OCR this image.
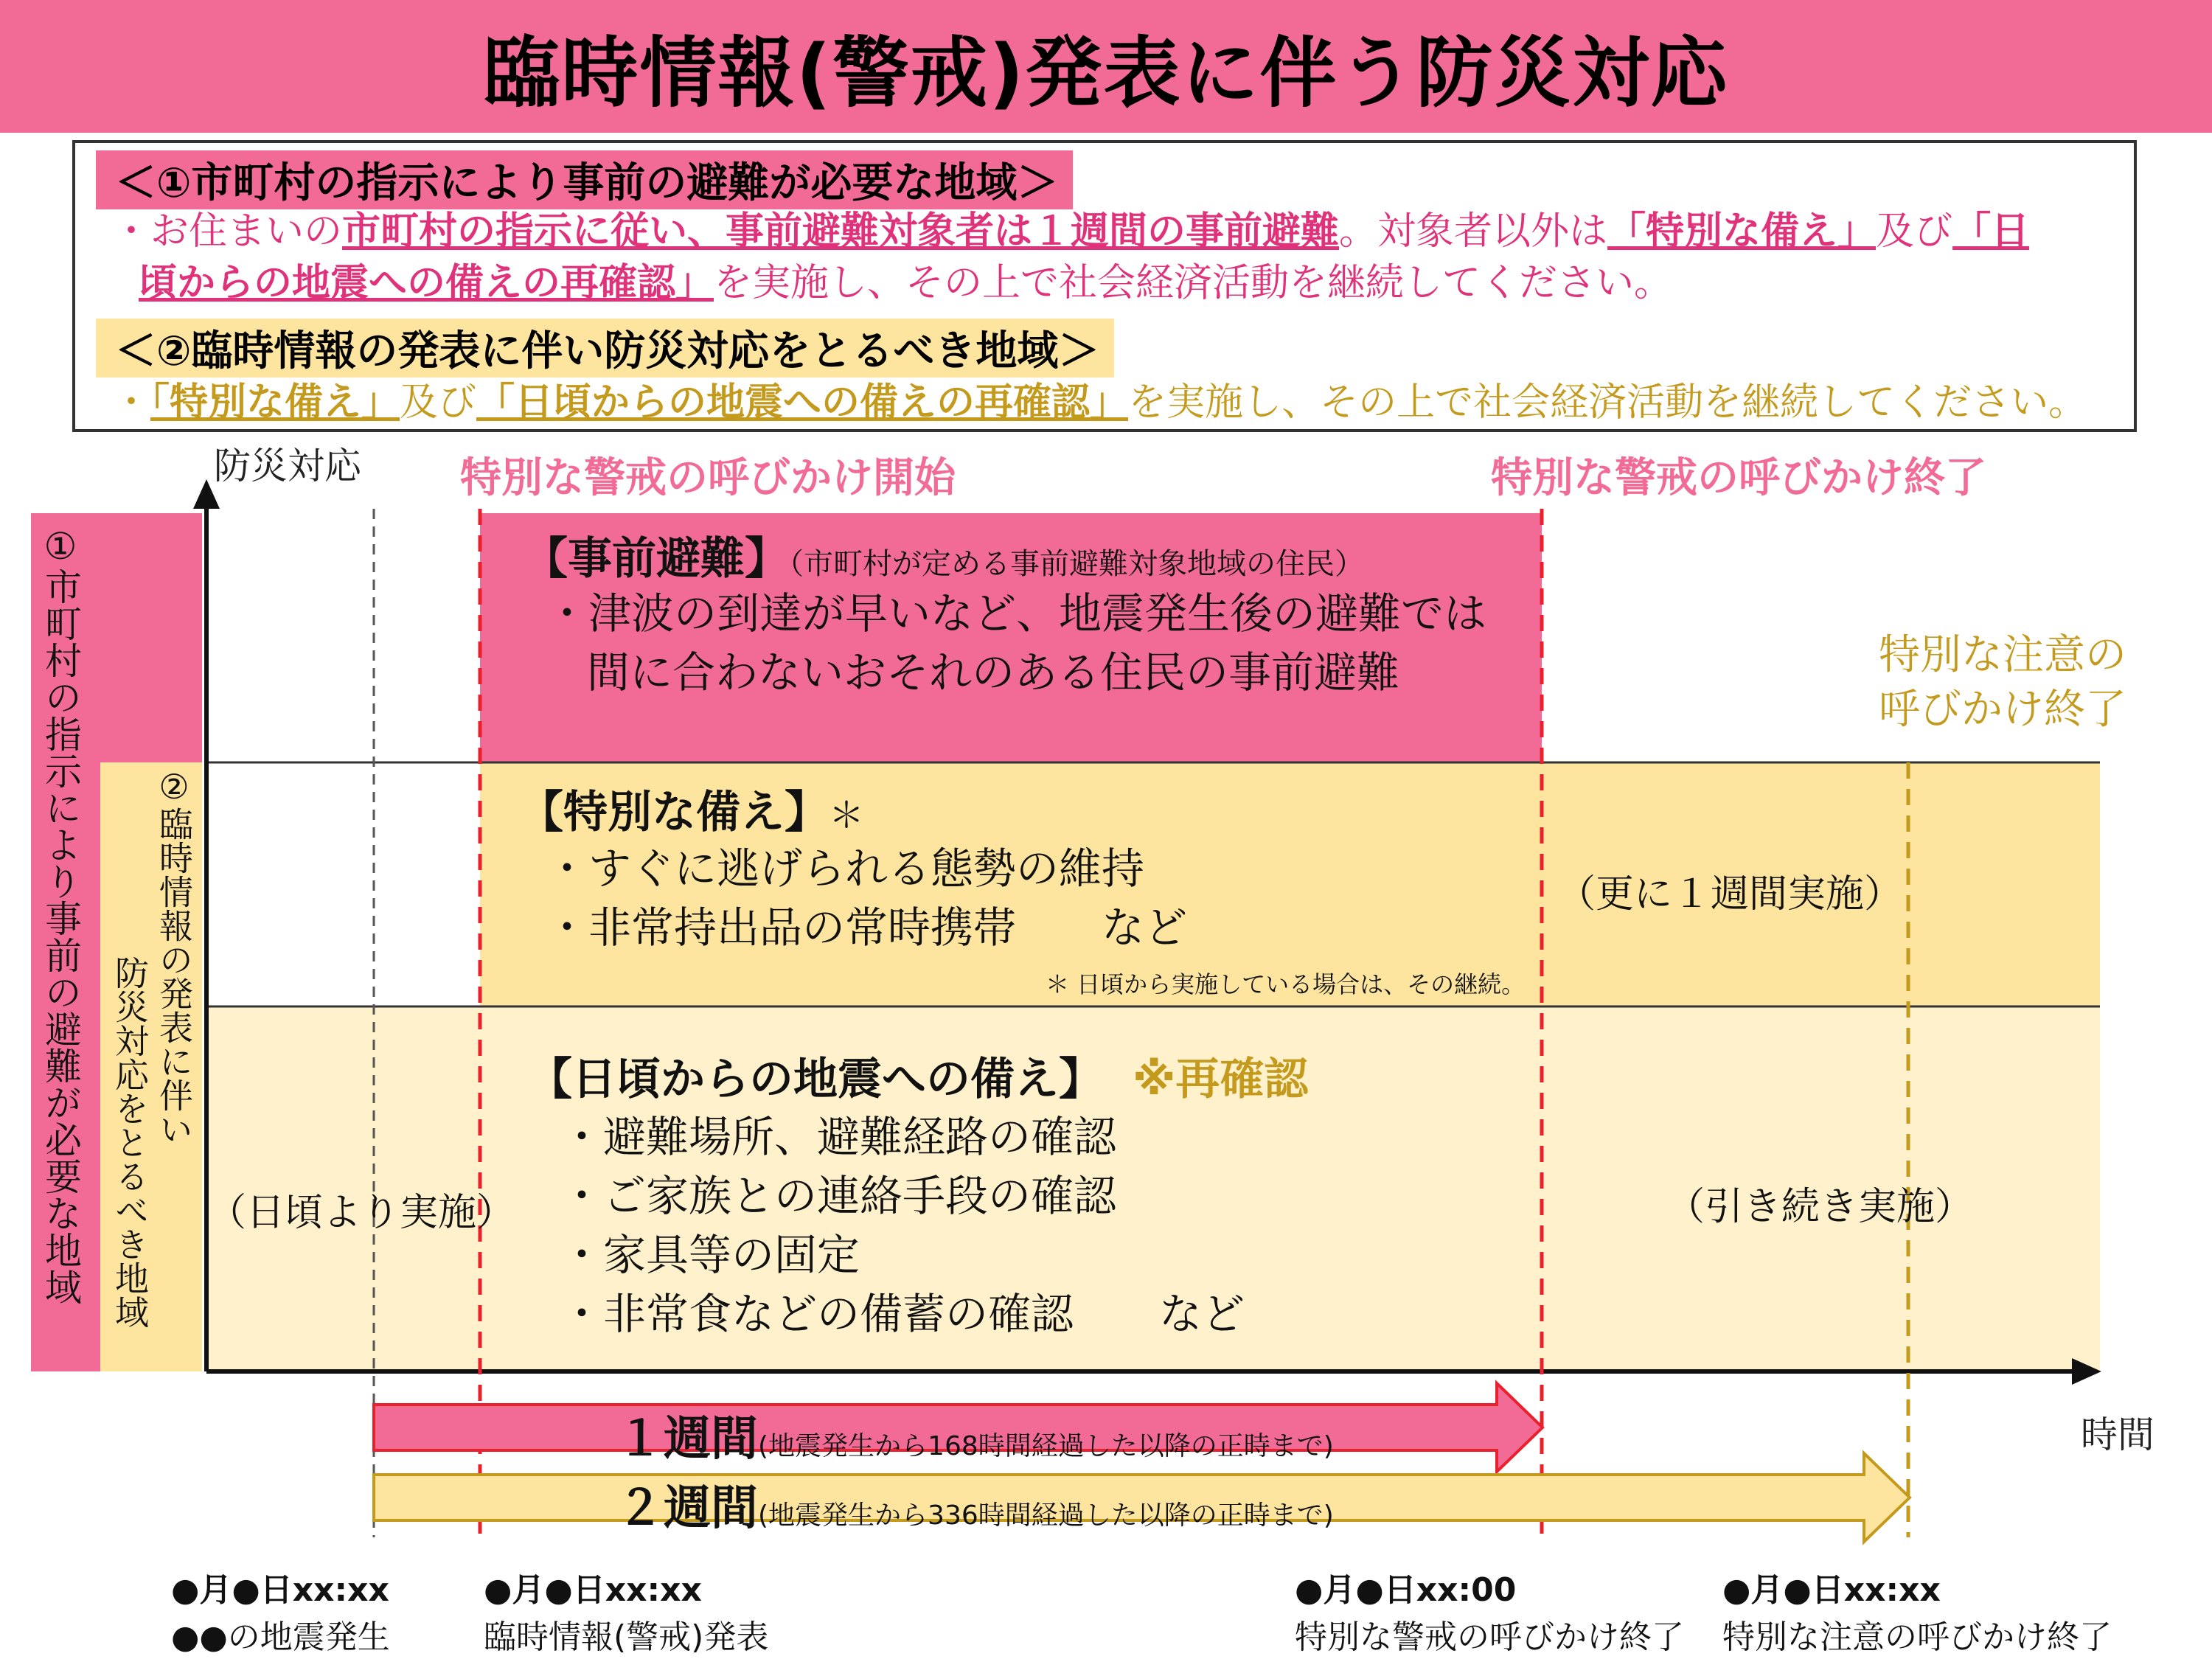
臨時情報(警戒)発表に伴う防災対応
＜①市町村の指示により事前の避難が必要な地域＞
・お住まいの市町村の指示に従い、事前避難対象者は１週間の事前避難。対象者以外は「特別な備え」及び「日
頃からの地震への備えの再確認」を実施し、その上で社会経済活動を継続してください。
＜②臨時情報の発表に伴い防災対応をとるべき地域＞
・「特別な備え」及び「日頃からの地震への備えの再確認」を実施し、その上で社会経済活動を継続してください。
防災対応 特別な警戒の呼びかけ開始	特別な警戒の呼びかけ終了
①市町村の指示により事前の避難が必要な地域 ②臨時情報の発表に伴い
防災対応をとるべき地域
特別な注意の
呼びかけ終了
【事前避難】（市町村が定める事前避難対象地域の住民）
・津波の到達が早いなど、地震発生後の避難では
間に合わないおそれのある住民の事前避難
【特別な備え】＊
・すぐに逃げられる態勢の維持
・非常持出品の常時携帯　　など
＊ 日頃から実施している場合は、その継続。
（更に１週間実施）
【日頃からの地震への備え】 ※再確認
・避難場所、避難経路の確認
・ご家族との連絡手段の確認
・家具等の固定
・非常食などの備蓄の確認　　など
（日頃より実施）	（引き続き実施）
時間
１週間(地震発生から168時間経過した以降の正時まで)
２週間(地震発生から336時間経過した以降の正時まで)
●月●日xx:xx
●●の地震発生
●月●日xx:xx
臨時情報(警戒)発表
●月●日xx:00
特別な警戒の呼びかけ終了
●月●日xx:xx
特別な注意の呼びかけ終了
